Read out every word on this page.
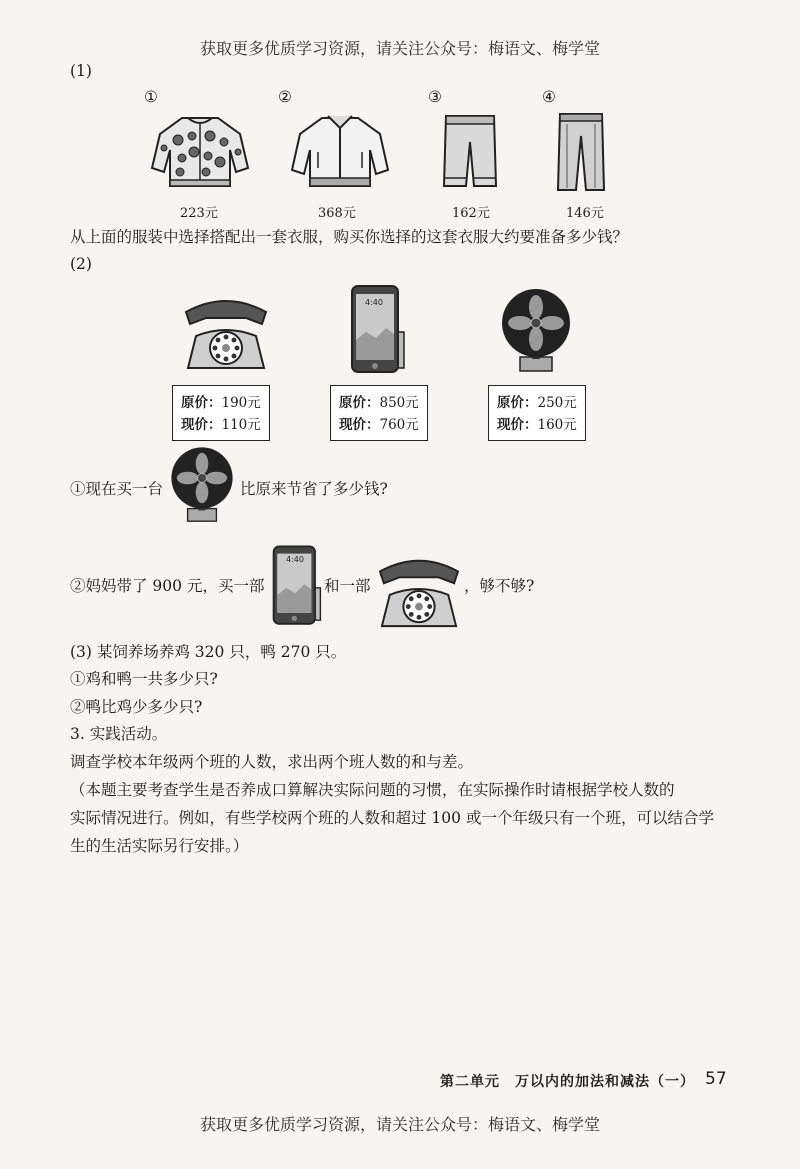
获取更多优质学习资源，请关注公众号：梅语文、梅学堂
(1)
①	②	③	④
223元	368元	162元	146元
从上面的服装中选择搭配出一套衣服，购买你选择的这套衣服大约要准备多少钱？
(2)
4:40
原价：190元
现价：110元
原价：850元
现价：760元
原价：250元
现价：160元
①现在买一台	比原来节省了多少钱?
②妈妈带了 900 元，买一部
4:40
和一部	，够不够?
(3) 某饲养场养鸡 320 只，鸭 270 只。
①鸡和鸭一共多少只?
②鸭比鸡少多少只?
3. 实践活动。
调查学校本年级两个班的人数，求出两个班人数的和与差。
（本题主要考查学生是否养成口算解决实际问题的习惯，在实际操作时请根据学校人数的
实际情况进行。例如，有些学校两个班的人数和超过 100 或一个年级只有一个班，可以结合学
生的生活实际另行安排。）
第二单元　万以内的加法和减法（一） 57
获取更多优质学习资源，请关注公众号：梅语文、梅学堂
